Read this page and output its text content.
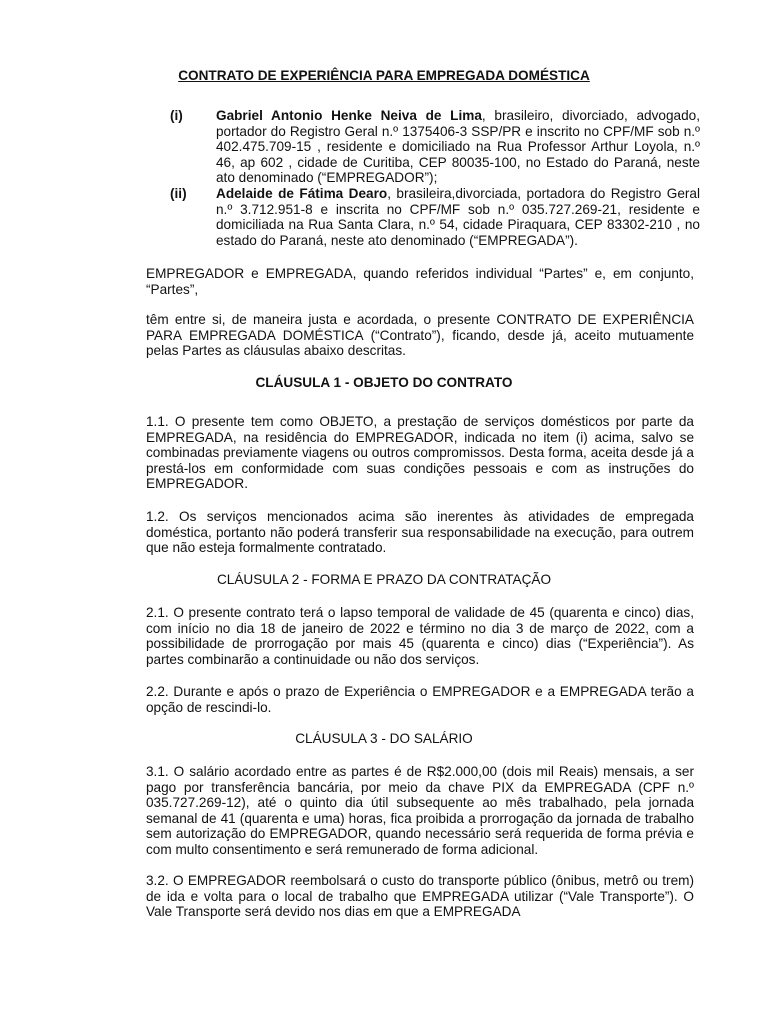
CONTRATO DE EXPERIÊNCIA PARA EMPREGADA DOMÉSTICA
(i) Gabriel Antonio Henke Neiva de Lima, brasileiro, divorciado, advogado, portador do Registro Geral n.º 1375406-3 SSP/PR e inscrito no CPF/MF sob n.º 402.475.709-15 , residente e domiciliado na Rua Professor Arthur Loyola, n.º 46, ap 602 , cidade de Curitiba, CEP 80035-100, no Estado do Paraná, neste ato denominado (“EMPREGADOR”);
(ii) Adelaide de Fátima Dearo, brasileira,divorciada, portadora do Registro Geral n.º 3.712.951-8 e inscrita no CPF/MF sob n.º 035.727.269-21, residente e domiciliada na Rua Santa Clara, n.º 54, cidade Piraquara, CEP 83302-210 , no estado do Paraná, neste ato denominado (“EMPREGADA”).
EMPREGADOR e EMPREGADA, quando referidos individual “Partes” e, em conjunto, “Partes”,
têm entre si, de maneira justa e acordada, o presente CONTRATO DE EXPERIÊNCIA PARA EMPREGADA DOMÉSTICA (“Contrato”), ficando, desde já, aceito mutuamente pelas Partes as cláusulas abaixo descritas.
CLÁUSULA 1 - OBJETO DO CONTRATO
1.1. O presente tem como OBJETO, a prestação de serviços domésticos por parte da EMPREGADA, na residência do EMPREGADOR, indicada no item (i) acima, salvo se combinadas previamente viagens ou outros compromissos. Desta forma, aceita desde já a prestá-los em conformidade com suas condições pessoais e com as instruções do EMPREGADOR.
1.2. Os serviços mencionados acima são inerentes às atividades de empregada doméstica, portanto não poderá transferir sua responsabilidade na execução, para outrem que não esteja formalmente contratado.
CLÁUSULA 2 - FORMA E PRAZO DA CONTRATAÇÃO
2.1. O presente contrato terá o lapso temporal de validade de 45 (quarenta e cinco) dias, com início no dia 18 de janeiro de 2022 e término no dia 3 de março de 2022, com a possibilidade de prorrogação por mais 45 (quarenta e cinco) dias (“Experiência”). As partes combinarão a continuidade ou não dos serviços.
2.2. Durante e após o prazo de Experiência o EMPREGADOR e a EMPREGADA terão a opção de rescindi-lo.
CLÁUSULA 3 - DO SALÁRIO
3.1. O salário acordado entre as partes é de R$2.000,00 (dois mil Reais) mensais, a ser pago por transferência bancária, por meio da chave PIX da EMPREGADA (CPF n.º 035.727.269-12), até o quinto dia útil subsequente ao mês trabalhado, pela jornada semanal de 41 (quarenta e uma) horas, fica proibida a prorrogação da jornada de trabalho sem autorização do EMPREGADOR, quando necessário será requerida de forma prévia e com multo consentimento e será remunerado de forma adicional.
3.2. O EMPREGADOR reembolsará o custo do transporte público (ônibus, metrô ou trem) de ida e volta para o local de trabalho que EMPREGADA utilizar (“Vale Transporte”). O Vale Transporte será devido nos dias em que a EMPREGADA
